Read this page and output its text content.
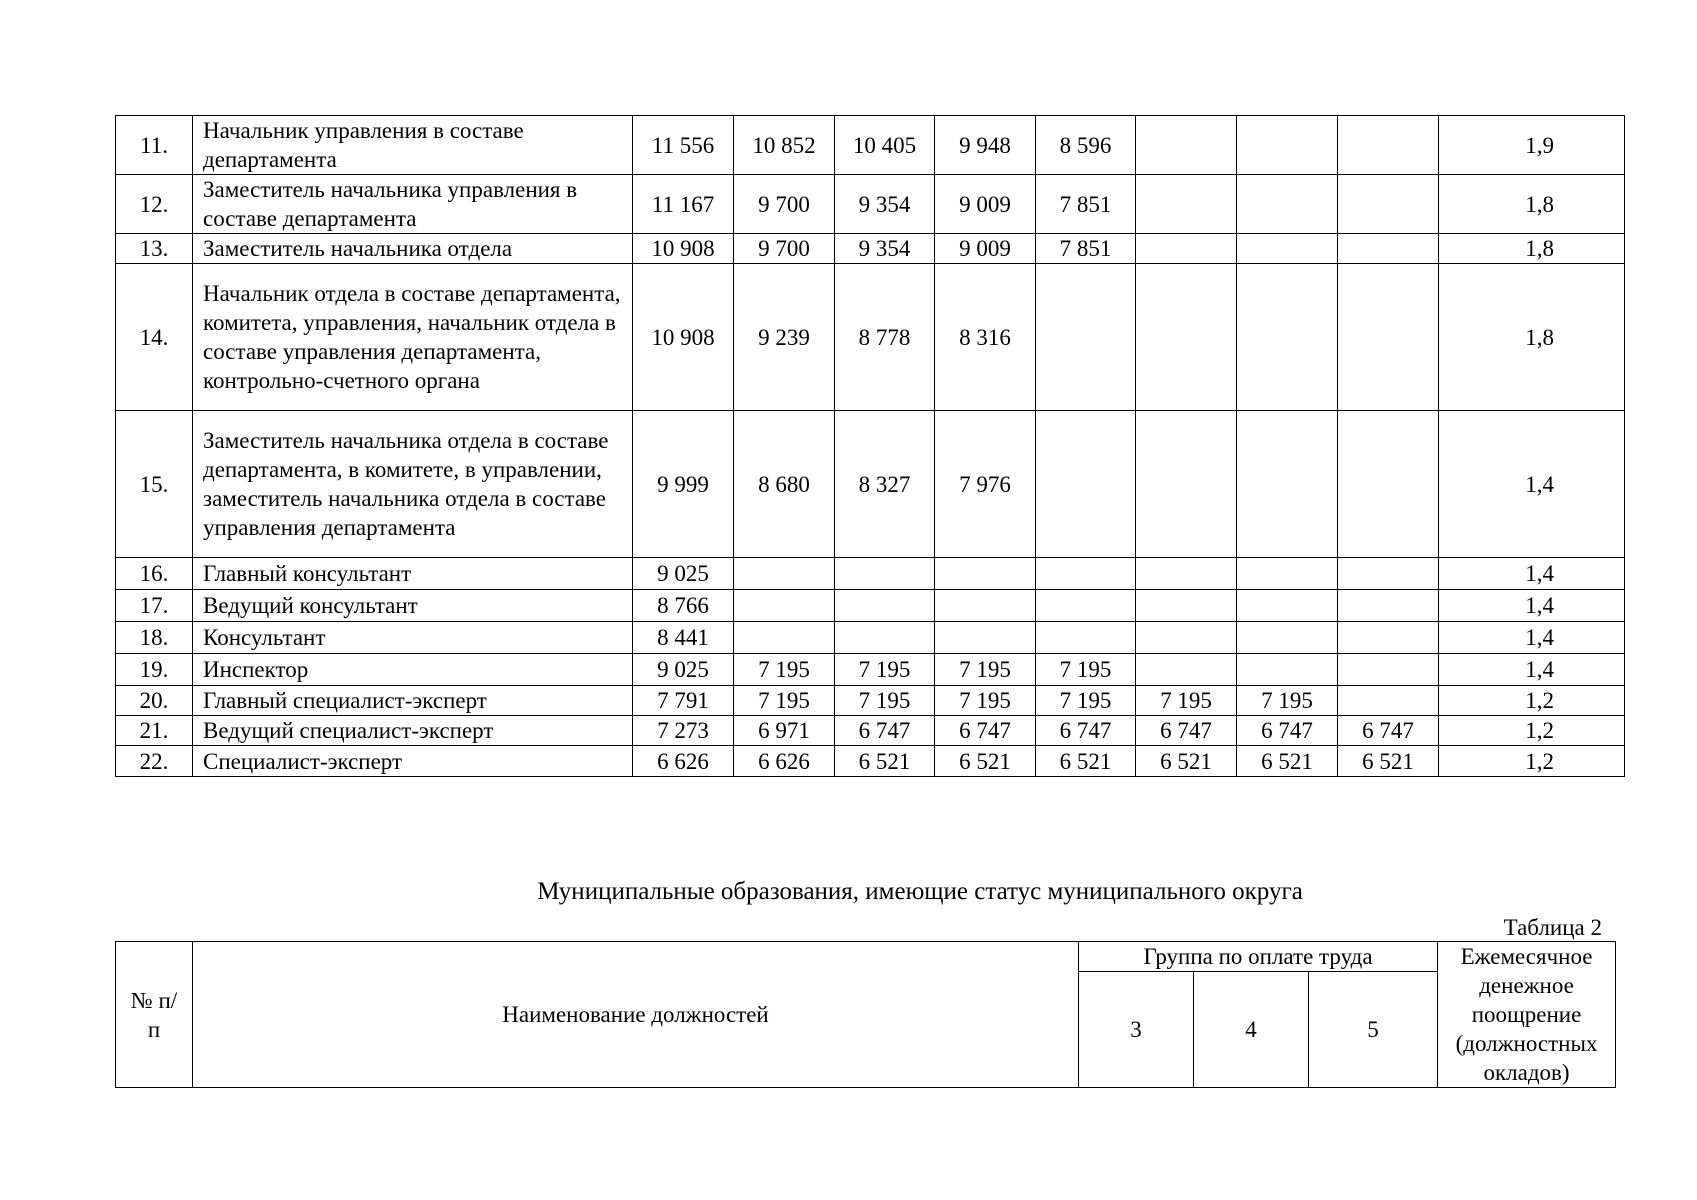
11.	Начальник управления в составе департамента	11 556	10 852	10 405	9 948	8 596				1,9
12.	Заместитель начальника управления в составе департамента	11 167	9 700	9 354	9 009	7 851				1,8
13.	Заместитель начальника отдела	10 908	9 700	9 354	9 009	7 851				1,8
14.	Начальник отдела в составе департамента, комитета, управления, начальник отдела в составе управления департамента, контрольно-счетного органа	10 908	9 239	8 778	8 316					1,8
15.	Заместитель начальника отдела в составе департамента, в комитете, в управлении, заместитель начальника отдела в составе управления департамента	9 999	8 680	8 327	7 976					1,4
16.	Главный консультант	9 025								1,4
17.	Ведущий консультант	8 766								1,4
18.	Консультант	8 441								1,4
19.	Инспектор	9 025	7 195	7 195	7 195	7 195				1,4
20.	Главный специалист-эксперт	7 791	7 195	7 195	7 195	7 195	7 195	7 195		1,2
21.	Ведущий специалист-эксперт	7 273	6 971	6 747	6 747	6 747	6 747	6 747	6 747	1,2
22.	Специалист-эксперт	6 626	6 626	6 521	6 521	6 521	6 521	6 521	6 521	1,2
Муниципальные образования, имеющие статус муниципального округа
Таблица 2
№ п/п	Наименование должностей	Группа по оплате труда			Ежемесячное денежное поощрение (должностных окладов)
		3	4	5	
